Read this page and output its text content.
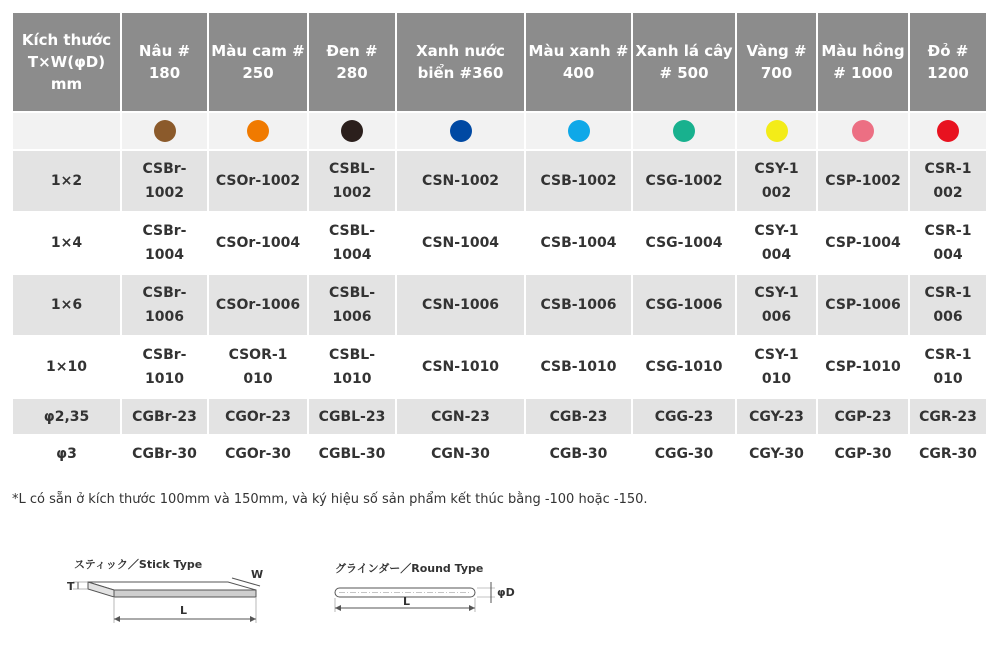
Kích thước T×W(φD) mm	Nâu # 180	Màu cam # 250	Đen # 280	Xanh nước biển #360	Màu xanh # 400	Xanh lá cây # 500	Vàng # 700	Màu hồng # 1000	Đỏ # 1200

1×2	CSBr-1002	CSOr-1002	CSBL-1002	CSN-1002	CSB-1002	CSG-1002	CSY-1002	CSP-1002	CSR-1002
1×4	CSBr-1004	CSOr-1004	CSBL-1004	CSN-1004	CSB-1004	CSG-1004	CSY-1004	CSP-1004	CSR-1004
1×6	CSBr-1006	CSOr-1006	CSBL-1006	CSN-1006	CSB-1006	CSG-1006	CSY-1006	CSP-1006	CSR-1006
1×10	CSBr-1010	CSOR-1010	CSBL-1010	CSN-1010	CSB-1010	CSG-1010	CSY-1010	CSP-1010	CSR-1010
φ2,35	CGBr-23	CGOr-23	CGBL-23	CGN-23	CGB-23	CGG-23	CGY-23	CGP-23	CGR-23
φ3	CGBr-30	CGOr-30	CGBL-30	CGN-30	CGB-30	CGG-30	CGY-30	CGP-30	CGR-30
*L có sẵn ở kích thước 100mm và 150mm, và ký hiệu số sản phẩm kết thúc bằng -100 hoặc -150.
スティック／Stick Type
T
W
L
グラインダー／Round Type
L
φD
